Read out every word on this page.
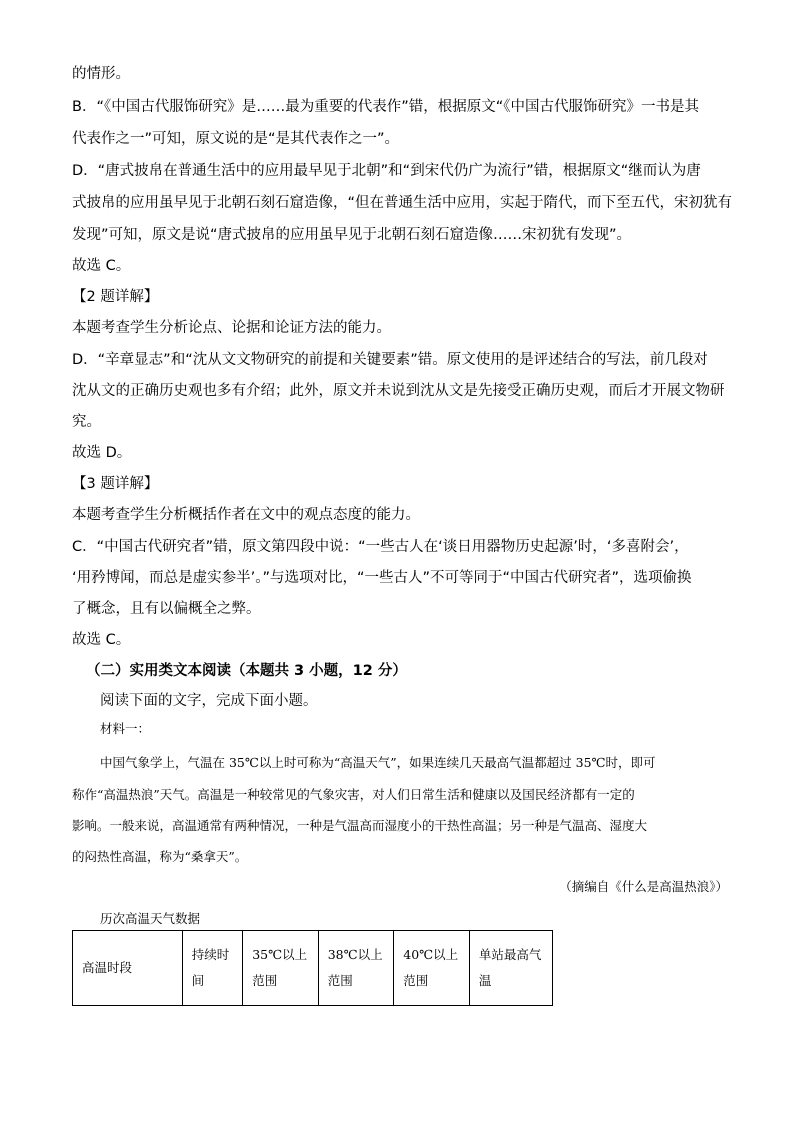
的情形。
B．“《中国古代服饰研究》是……最为重要的代表作”错，根据原文“《中国古代服饰研究》一书是其
代表作之一”可知，原文说的是“是其代表作之一”。
D．“唐式披帛在普通生活中的应用最早见于北朝”和“到宋代仍广为流行”错，根据原文“继而认为唐
式披帛的应用虽早见于北朝石刻石窟造像，“但在普通生活中应用，实起于隋代，而下至五代，宋初犹有
发现”可知，原文是说“唐式披帛的应用虽早见于北朝石刻石窟造像……宋初犹有发现”。
故选 C。
【2 题详解】
本题考查学生分析论点、论据和论证方法的能力。
D．“辛章显志”和“沈从文文物研究的前提和关键要素”错。原文使用的是评述结合的写法，前几段对
沈从文的正确历史观也多有介绍；此外，原文并未说到沈从文是先接受正确历史观，而后才开展文物研
究。
故选 D。
【3 题详解】
本题考查学生分析概括作者在文中的观点态度的能力。
C．“中国古代研究者”错，原文第四段中说：“一些古人在‘谈日用器物历史起源’时，‘多喜附会’，
‘用矜博闻，而总是虚实参半’。”与选项对比，“一些古人”不可等同于“中国古代研究者”，选项偷换
了概念，且有以偏概全之弊。
故选 C。
（二）实用类文本阅读（本题共 3 小题，12 分）
阅读下面的文字，完成下面小题。
材料一：
中国气象学上，气温在 35℃以上时可称为“高温天气”，如果连续几天最高气温都超过 35℃时，即可
称作“高温热浪”天气。高温是一种较常见的气象灾害，对人们日常生活和健康以及国民经济都有一定的
影响。一般来说，高温通常有两种情况，一种是气温高而湿度小的干热性高温；另一种是气温高、湿度大
的闷热性高温，称为“桑拿天”。
（摘编自《什么是高温热浪》）
历次高温天气数据
高温时段	持续时间	35℃以上范围	38℃以上范围	40℃以上范围	单站最高气温
